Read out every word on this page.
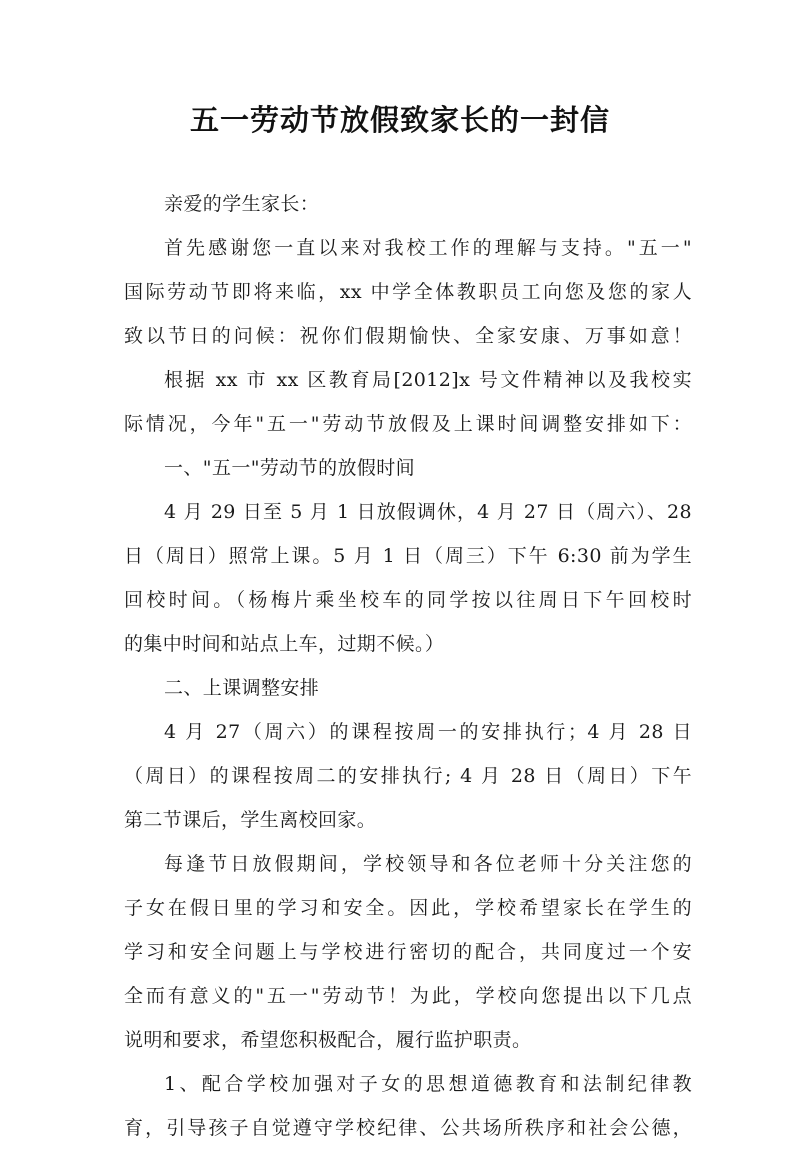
五一劳动节放假致家长的一封信
亲爱的学生家长：
首先感谢您一直以来对我校工作的理解与支持。"五一"
国际劳动节即将来临，xx 中学全体教职员工向您及您的家人
致以节日的问候：祝你们假期愉快、全家安康、万事如意！
根据 xx 市 xx 区教育局[2012]x 号文件精神以及我校实
际情况，今年"五一"劳动节放假及上课时间调整安排如下：
一、"五一"劳动节的放假时间
4 月 29 日至 5 月 1 日放假调休，4 月 27 日（周六）、28
日（周日）照常上课。5 月 1 日（周三）下午 6:30 前为学生
回校时间。（杨梅片乘坐校车的同学按以往周日下午回校时
的集中时间和站点上车，过期不候。）
二、上课调整安排
4 月 27（周六）的课程按周一的安排执行；4 月 28 日
（周日）的课程按周二的安排执行; 4 月 28 日（周日）下午
第二节课后，学生离校回家。
每逢节日放假期间，学校领导和各位老师十分关注您的
子女在假日里的学习和安全。因此，学校希望家长在学生的
学习和安全问题上与学校进行密切的配合，共同度过一个安
全而有意义的"五一"劳动节！为此，学校向您提出以下几点
说明和要求，希望您积极配合，履行监护职责。
1、配合学校加强对子女的思想道德教育和法制纪律教
育，引导孩子自觉遵守学校纪律、公共场所秩序和社会公德，
